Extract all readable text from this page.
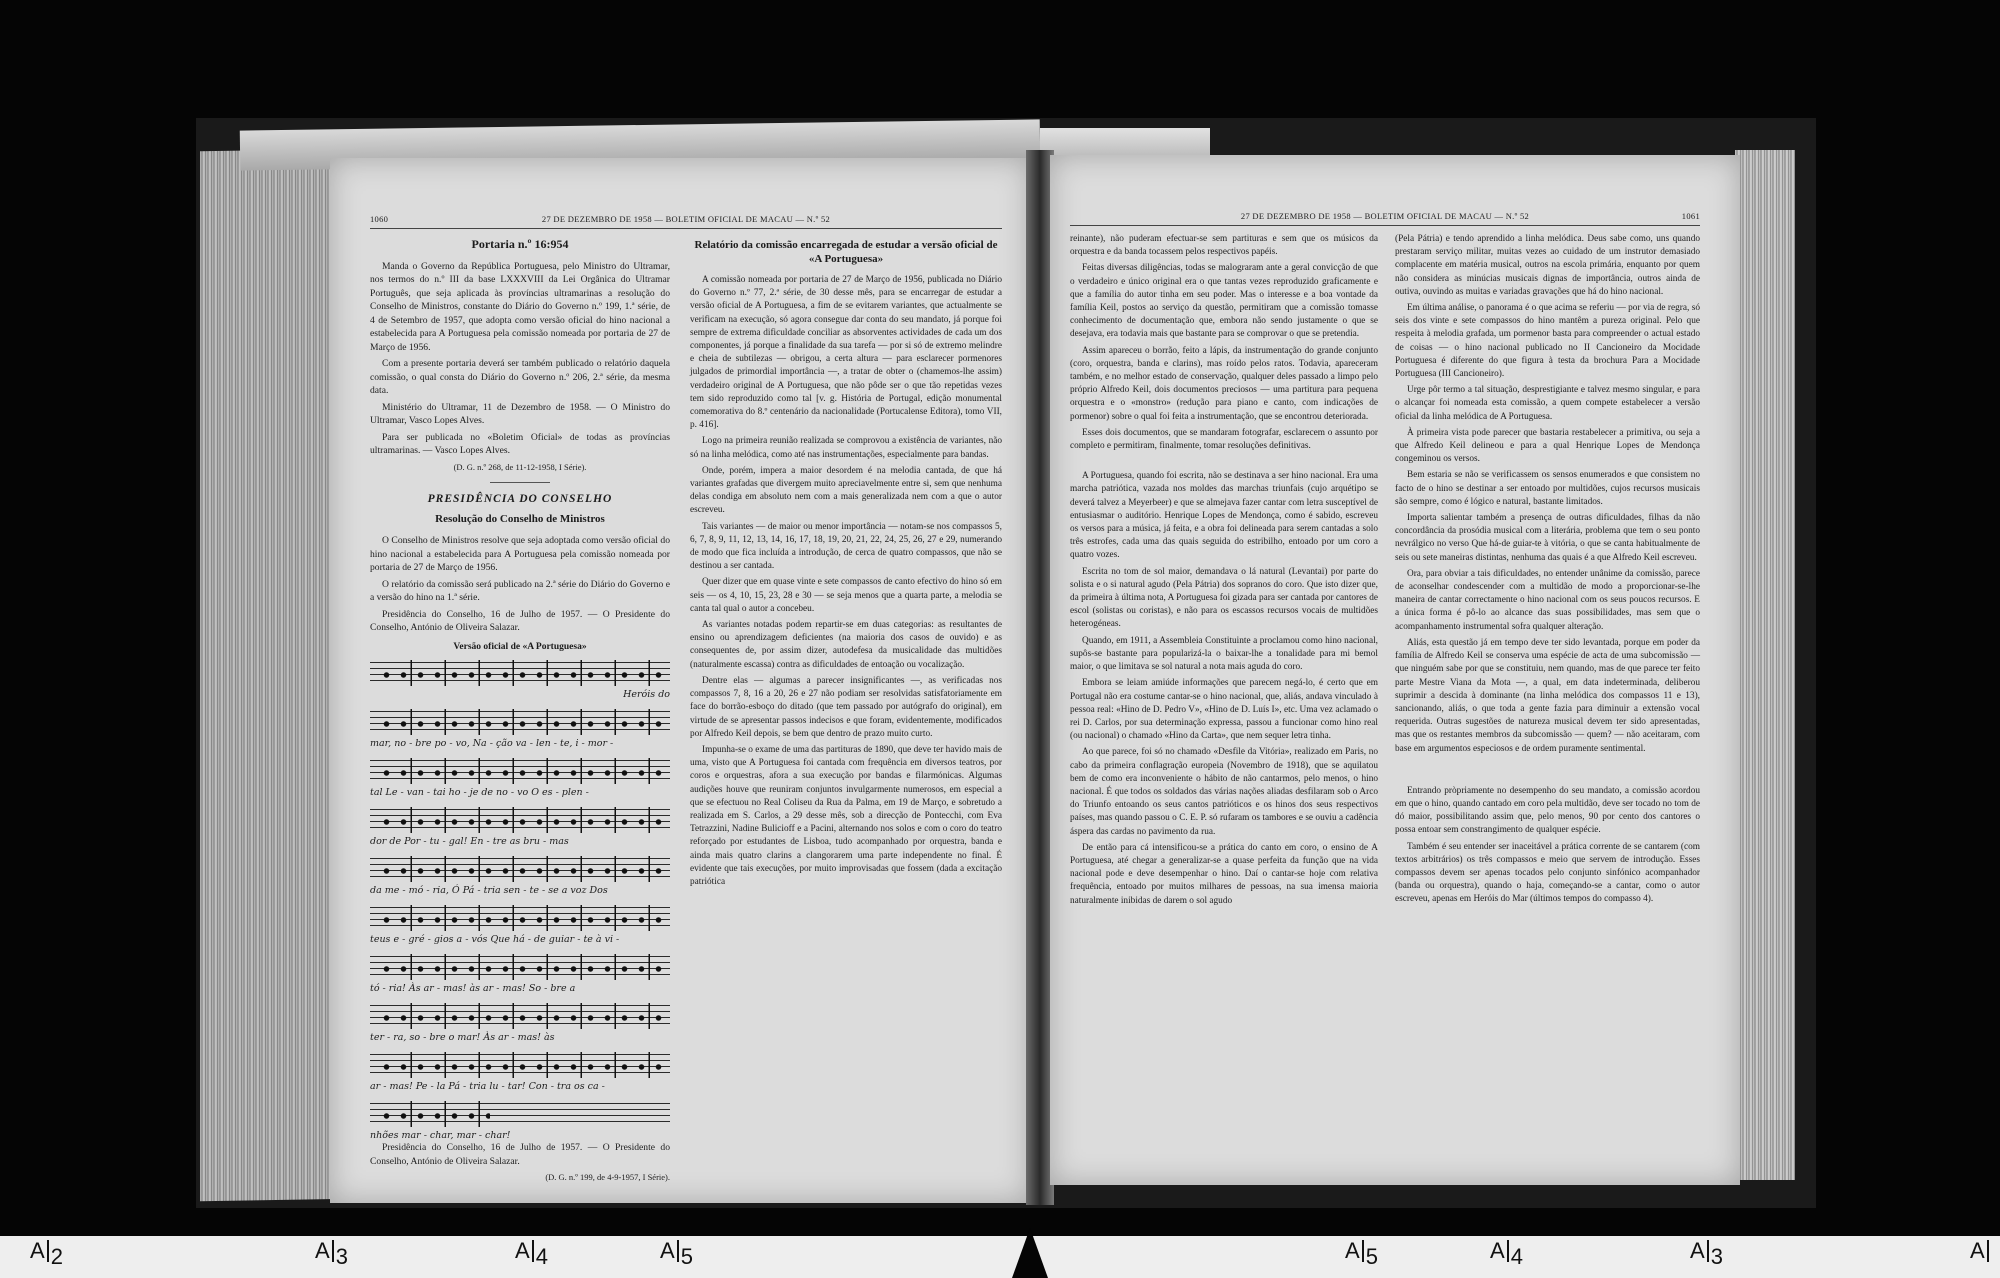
1060	27 DE DEZEMBRO DE 1958 — BOLETIM OFICIAL DE MACAU — N.º 52

Portaria n.º 16:954

Manda o Governo da República Portuguesa, pelo Ministro do Ultramar, nos termos do n.º III da base LXXXVIII da Lei Orgânica do Ultramar Português, que seja aplicada às províncias ultramarinas a resolução do Conselho de Ministros, constante do Diário do Governo n.º 199, 1.ª série, de 4 de Setembro de 1957, que adopta como versão oficial do hino nacional a estabelecida para A Portuguesa pela comissão nomeada por portaria de 27 de Março de 1956.

Com a presente portaria deverá ser também publicado o relatório daquela comissão, o qual consta do Diário do Governo n.º 206, 2.ª série, da mesma data.

Ministério do Ultramar, 11 de Dezembro de 1958. — O Ministro do Ultramar, Vasco Lopes Alves.

Para ser publicada no «Boletim Oficial» de todas as províncias ultramarinas. — Vasco Lopes Alves.

(D. G. n.º 268, de 11-12-1958, I Série).

PRESIDÊNCIA DO CONSELHO

Resolução do Conselho de Ministros

O Conselho de Ministros resolve que seja adoptada como versão oficial do hino nacional a estabelecida para A Portuguesa pela comissão nomeada por portaria de 27 de Março de 1956.

O relatório da comissão será publicado na 2.ª série do Diário do Governo e a versão do hino na 1.ª série.

Presidência do Conselho, 16 de Julho de 1957. — O Presidente do Conselho, António de Oliveira Salazar.

Versão oficial de «A Portuguesa»

Heróis do
mar, no - bre po - vo, Na - ção va - len - te, i - mor -
tal Le - van - tai ho - je de no - vo O es - plen -
dor de Por - tu - gal! En - tre as bru - mas
da me - mó - ria, Ó Pá - tria sen - te - se a voz Dos
teus e - gré - gios a - vós Que há - de guiar - te à vi -
tó - ria! Às ar - mas! às ar - mas! So - bre a
ter - ra, so - bre o mar! Às ar - mas! às
ar - mas! Pe - la Pá - tria lu - tar! Con - tra os ca -
nhões mar - char, mar - char!

Presidência do Conselho, 16 de Julho de 1957. — O Presidente do Conselho, António de Oliveira Salazar.

(D. G. n.º 199, de 4-9-1957, I Série).

Relatório da comissão encarregada de estudar a versão oficial de «A Portuguesa»

A comissão nomeada por portaria de 27 de Março de 1956, publicada no Diário do Governo n.º 77, 2.ª série, de 30 desse mês, para se encarregar de estudar a versão oficial de A Portuguesa, a fim de se evitarem variantes, que actualmente se verificam na execução, só agora consegue dar conta do seu mandato, já porque foi sempre de extrema dificuldade conciliar as absorventes actividades de cada um dos componentes, já porque a finalidade da sua tarefa — por si só de extremo melindre e cheia de subtilezas — obrigou, a certa altura — para esclarecer pormenores julgados de primordial importância —, a tratar de obter o (chamemos-lhe assim) verdadeiro original de A Portuguesa, que não pôde ser o que tão repetidas vezes tem sido reproduzido como tal [v. g. História de Portugal, edição monumental comemorativa do 8.º centenário da nacionalidade (Portucalense Editora), tomo VII, p. 416].

Logo na primeira reunião realizada se comprovou a existência de variantes, não só na linha melódica, como até nas instrumentações, especialmente para bandas.

Onde, porém, impera a maior desordem é na melodia cantada, de que há variantes grafadas que divergem muito apreciavelmente entre si, sem que nenhuma delas condiga em absoluto nem com a mais generalizada nem com a que o autor escreveu.

Tais variantes — de maior ou menor importância — notam-se nos compassos 5, 6, 7, 8, 9, 11, 12, 13, 14, 16, 17, 18, 19, 20, 21, 22, 24, 25, 26, 27 e 29, numerando de modo que fica incluída a introdução, de cerca de quatro compassos, que não se destinou a ser cantada.

Quer dizer que em quase vinte e sete compassos de canto efectivo do hino só em seis — os 4, 10, 15, 23, 28 e 30 — se seja menos que a quarta parte, a melodia se canta tal qual o autor a concebeu.

As variantes notadas podem repartir-se em duas categorias: as resultantes de ensino ou aprendizagem deficientes (na maioria dos casos de ouvido) e as consequentes de, por assim dizer, autodefesa da musicalidade das multidões (naturalmente escassa) contra as dificuldades de entoação ou vocalização.

Dentre elas — algumas a parecer insignificantes —, as verificadas nos compassos 7, 8, 16 a 20, 26 e 27 não podiam ser resolvidas satisfatoriamente em face do borrão-esboço do ditado (que tem passado por autógrafo do original), em virtude de se apresentar passos indecisos e que foram, evidentemente, modificados por Alfredo Keil depois, se bem que dentro de prazo muito curto.

Impunha-se o exame de uma das partituras de 1890, que deve ter havido mais de uma, visto que A Portuguesa foi cantada com frequência em diversos teatros, por coros e orquestras, afora a sua execução por bandas e filarmónicas. Algumas audições houve que reuniram conjuntos invulgarmente numerosos, em especial a que se efectuou no Real Coliseu da Rua da Palma, em 19 de Março, e sobretudo a realizada em S. Carlos, a 29 desse mês, sob a direcção de Pontecchi, com Eva Tetrazzini, Nadine Bulicioff e a Pacini, alternando nos solos e com o coro do teatro reforçado por estudantes de Lisboa, tudo acompanhado por orquestra, banda e ainda mais quatro clarins a clangorarem uma parte independente no final. É evidente que tais execuções, por muito improvisadas que fossem (dada a excitação patriótica

27 DE DEZEMBRO DE 1958 — BOLETIM OFICIAL DE MACAU — N.º 52	1061

reinante), não puderam efectuar-se sem partituras e sem que os músicos da orquestra e da banda tocassem pelos respectivos papéis.

Feitas diversas diligências, todas se malograram ante a geral convicção de que o verdadeiro e único original era o que tantas vezes reproduzido graficamente e que a família do autor tinha em seu poder. Mas o interesse e a boa vontade da família Keil, postos ao serviço da questão, permitiram que a comissão tomasse conhecimento de documentação que, embora não sendo justamente o que se desejava, era todavia mais que bastante para se comprovar o que se pretendia.

Assim apareceu o borrão, feito a lápis, da instrumentação do grande conjunto (coro, orquestra, banda e clarins), mas roído pelos ratos. Todavia, apareceram também, e no melhor estado de conservação, qualquer deles passado a limpo pelo próprio Alfredo Keil, dois documentos preciosos — uma partitura para pequena orquestra e o «monstro» (redução para piano e canto, com indicações de pormenor) sobre o qual foi feita a instrumentação, que se encontrou deteriorada.

Esses dois documentos, que se mandaram fotografar, esclarecem o assunto por completo e permitiram, finalmente, tomar resoluções definitivas.

A Portuguesa, quando foi escrita, não se destinava a ser hino nacional. Era uma marcha patriótica, vazada nos moldes das marchas triunfais (cujo arquétipo se deverá talvez a Meyerbeer) e que se almejava fazer cantar com letra susceptível de entusiasmar o auditório. Henrique Lopes de Mendonça, como é sabido, escreveu os versos para a música, já feita, e a obra foi delineada para serem cantadas a solo três estrofes, cada uma das quais seguida do estribilho, entoado por um coro a quatro vozes.

Escrita no tom de sol maior, demandava o lá natural (Levantai) por parte do solista e o si natural agudo (Pela Pátria) dos sopranos do coro. Que isto dizer que, da primeira à última nota, A Portuguesa foi gizada para ser cantada por cantores de escol (solistas ou coristas), e não para os escassos recursos vocais de multidões heterogéneas.

Quando, em 1911, a Assembleia Constituinte a proclamou como hino nacional, supôs-se bastante para popularizá-la o baixar-lhe a tonalidade para mi bemol maior, o que limitava se sol natural a nota mais aguda do coro.

Embora se leiam amiúde informações que parecem negá-lo, é certo que em Portugal não era costume cantar-se o hino nacional, que, aliás, andava vinculado à pessoa real: «Hino de D. Pedro V», «Hino de D. Luís I», etc. Uma vez aclamado o rei D. Carlos, por sua determinação expressa, passou a funcionar como hino real (ou nacional) o chamado «Hino da Carta», que nem sequer letra tinha.

Ao que parece, foi só no chamado «Desfile da Vitória», realizado em Paris, no cabo da primeira conflagração europeia (Novembro de 1918), que se aquilatou bem de como era inconveniente o hábito de não cantarmos, pelo menos, o hino nacional. É que todos os soldados das várias nações aliadas desfilaram sob o Arco do Triunfo entoando os seus cantos patrióticos e os hinos dos seus respectivos países, mas quando passou o C. E. P. só rufaram os tambores e se ouviu a cadência áspera das cardas no pavimento da rua.

De então para cá intensificou-se a prática do canto em coro, o ensino de A Portuguesa, até chegar a generalizar-se a quase perfeita da função que na vida nacional pode e deve desempenhar o hino. Daí o cantar-se hoje com relativa frequência, entoado por muitos milhares de pessoas, na sua imensa maioria naturalmente inibidas de darem o sol agudo

(Pela Pátria) e tendo aprendido a linha melódica. Deus sabe como, uns quando prestaram serviço militar, muitas vezes ao cuidado de um instrutor demasiado complacente em matéria musical, outros na escola primária, enquanto por quem não considera as minúcias musicais dignas de importância, outros ainda de outiva, ouvindo as muitas e variadas gravações que há do hino nacional.

Em última análise, o panorama é o que acima se referiu — por via de regra, só seis dos vinte e sete compassos do hino mantêm a pureza original. Pelo que respeita à melodia grafada, um pormenor basta para compreender o actual estado de coisas — o hino nacional publicado no II Cancioneiro da Mocidade Portuguesa é diferente do que figura à testa da brochura Para a Mocidade Portuguesa (III Cancioneiro).

Urge pôr termo a tal situação, desprestigiante e talvez mesmo singular, e para o alcançar foi nomeada esta comissão, a quem compete estabelecer a versão oficial da linha melódica de A Portuguesa.

À primeira vista pode parecer que bastaria restabelecer a primitiva, ou seja a que Alfredo Keil delineou e para a qual Henrique Lopes de Mendonça congeminou os versos.

Bem estaria se não se verificassem os sensos enumerados e que consistem no facto de o hino se destinar a ser entoado por multidões, cujos recursos musicais são sempre, como é lógico e natural, bastante limitados.

Importa salientar também a presença de outras dificuldades, filhas da não concordância da prosódia musical com a literária, problema que tem o seu ponto nevrálgico no verso Que há-de guiar-te à vitória, o que se canta habitualmente de seis ou sete maneiras distintas, nenhuma das quais é a que Alfredo Keil escreveu.

Ora, para obviar a tais dificuldades, no entender unânime da comissão, parece de aconselhar condescender com a multidão de modo a proporcionar-se-lhe maneira de cantar correctamente o hino nacional com os seus poucos recursos. E a única forma é pô-lo ao alcance das suas possibilidades, mas sem que o acompanhamento instrumental sofra qualquer alteração.

Aliás, esta questão já em tempo deve ter sido levantada, porque em poder da família de Alfredo Keil se conserva uma espécie de acta de uma subcomissão — que ninguém sabe por que se constituiu, nem quando, mas de que parece ter feito parte Mestre Viana da Mota —, a qual, em data indeterminada, deliberou suprimir a descida à dominante (na linha melódica dos compassos 11 e 13), sancionando, aliás, o que toda a gente fazia para diminuir a extensão vocal requerida. Outras sugestões de natureza musical devem ter sido apresentadas, mas que os restantes membros da subcomissão — quem? — não aceitaram, com base em argumentos especiosos e de ordem puramente sentimental.

Entrando pròpriamente no desempenho do seu mandato, a comissão acordou em que o hino, quando cantado em coro pela multidão, deve ser tocado no tom de dó maior, possibilitando assim que, pelo menos, 90 por cento dos cantores o possa entoar sem constrangimento de qualquer espécie.

Também é seu entender ser inaceitável a prática corrente de se cantarem (com textos arbitrários) os três compassos e meio que servem de introdução. Esses compassos devem ser apenas tocados pelo conjunto sinfónico acompanhador (banda ou orquestra), quando o haja, começando-se a cantar, como o autor escreveu, apenas em Heróis do Mar (últimos tempos do compasso 4).

A 2	A 3	A 4	A 5	A 5	A 4	A 3	A
